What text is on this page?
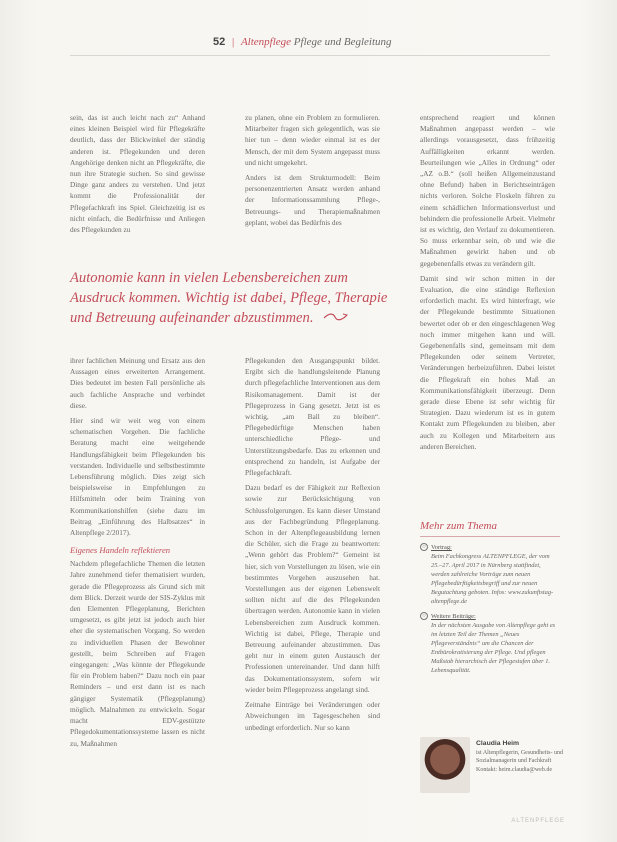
52 | Altenpflege Pflege und Begleitung

sein, das ist auch leicht nach zu“ Anhand eines kleinen Beispiel wird für Pflegekräfte deutlich, dass der Blickwinkel der ständig anderen ist. Pflegekunden und deren Angehörige denken nicht an Pflegekräfte, die nun ihre Strategie suchen. So sind gewisse Dinge ganz anders zu verstehen. Und jetzt kommt die Professionalität der Pflegefachkraft ins Spiel. Gleichzeitig ist es nicht einfach, die Bedürfnisse und Anliegen des Pflegekunden zu

zu planen, ohne ein Problem zu formulieren. Mitarbeiter fragen sich gelegentlich, was sie hier tun – denn wieder einmal ist es der Mensch, der mit dem System angepasst muss und nicht umgekehrt.

Anders ist dem Strukturmodell: Beim personenzentrierten Ansatz werden anhand der Informationssammlung Pflege-, Betreuungs- und Therapiemaßnahmen geplant, wobei das Bedürfnis des

entsprechend reagiert und können Maßnahmen angepasst werden – wie allerdings vorausgesetzt, dass frühzeitig Auffälligkeiten erkannt werden. Beurteilungen wie „Alles in Ordnung“ oder „AZ o.B.“ (soll heißen Allgemeinzustand ohne Befund) haben in Berichtseinträgen nichts verloren. Solche Floskeln führen zu einem schädlichen Informationsverlust und behindern die professionelle Arbeit. Vielmehr ist es wichtig, den Verlauf zu dokumentieren. So muss erkennbar sein, ob und wie die Maßnahmen gewirkt haben und ob gegebenenfalls etwas zu verändern gilt.

Damit sind wir schon mitten in der Evaluation, die eine ständige Reflexion erforderlich macht. Es wird hinterfragt, wie der Pflegekunde bestimmte Situationen bewertet oder ob er den eingeschlagenen Weg noch immer mitgehen kann und will. Gegebenenfalls sind, gemeinsam mit dem Pflegekunden oder seinem Vertreter, Veränderungen herbeizuführen. Dabei leistet die Pflegekraft ein hohes Maß an Kommunikationsfähigkeit überzeugt. Denn gerade diese Ebene ist sehr wichtig für Strategien. Dazu wiederum ist es in gutem Kontakt zum Pflegekunden zu bleiben, aber auch zu Kollegen und Mitarbeitern aus anderen Bereichen.

Autonomie kann in vielen Lebensbereichen zum Ausdruck kommen. Wichtig ist dabei, Pflege, Therapie und Betreuung aufeinander abzustimmen.

ihrer fachlichen Meinung und Ersatz aus den Aussagen eines erweiterten Arrangement. Dies bedeutet im besten Fall persönliche als auch fachliche Ansprache und verbindet diese.

Hier sind wir weit weg von einem schematischen Vorgehen. Die fachliche Beratung macht eine weitgehende Handlungsfähigkeit beim Pflegekunden bis verstanden. Individuelle und selbstbestimmte Lebensführung möglich. Dies zeigt sich beispielsweise in Empfehlungen zu Hilfsmitteln oder beim Training von Kommunikationshilfen (siehe dazu im Beitrag „Einführung des Halbsatzes“ in Altenpflege 2/2017).

Eigenes Handeln reflektieren

Nachdem pflegefachliche Themen die letzten Jahre zunehmend tiefer thematisiert wurden, gerade die Pflegeprozess als Grund sich mit dem Blick. Derzeit wurde der SIS-Zyklus mit den Elementen Pflegeplanung, Berichten umgesetzt, es gibt jetzt ist jedoch auch hier eher die systematischen Vorgang. So werden zu individuellen Phasen der Bewohner gestellt, beim Schreiben auf Fragen eingegangen: „Was könnte der Pflegekunde für ein Problem haben?“ Dazu noch ein paar Reminders – und erst dann ist es nach gängiger Systematik (Pflegeplanung) möglich. Malnahmen zu entwickeln. Sogar macht EDV-gestützte Pflegedokumentationssysteme lassen es nicht zu, Maßnahmen

Pflegekunden den Ausgangspunkt bildet. Ergibt sich die handlungsleitende Planung durch pflegefachliche Interventionen aus dem Risikomanagement. Damit ist der Pflegeprozess in Gang gesetzt. Jetzt ist es wichtig, „am Ball zu bleiben“. Pflegebedürftige Menschen haben unterschiedliche Pflege- und Unterstützungsbedarfe. Das zu erkennen und entsprechend zu handeln, ist Aufgabe der Pflegefachkraft.

Dazu bedarf es der Fähigkeit zur Reflexion sowie zur Berücksichtigung von Schlussfolgerungen. Es kann dieser Umstand aus der Fachbegründung Pflegeplanung. Schon in der Altenpflegeausbildung lernen die Schüler, sich die Frage zu beantworten: „Wenn gehört das Problem?“ Gemeint ist hier, sich von Vorstellungen zu lösen, wie ein bestimmtes Vorgehen auszusehen hat. Vorstellungen aus der eigenen Lebenswelt sollten nicht auf die des Pflegekunden übertragen werden. Autonomie kann in vielen Lebensbereichen zum Ausdruck kommen. Wichtig ist dabei, Pflege, Therapie und Betreuung aufeinander abzustimmen. Das geht nur in einem guten Austausch der Professionen untereinander. Und dann hilft das Dokumentationssystem, sofern wir wieder beim Pflegeprozess angelangt sind.

Zeitnahe Einträge bei Veränderungen oder Abweichungen im Tagesgeschehen sind unbedingt erforderlich. Nur so kann

Mehr zum Thema
○ Vortrag:
Beim Fachkongress ALTENPFLEGE, der vom 25.–27. April 2017 in Nürnberg stattfindet, werden zahlreiche Vorträge zum neuen Pflegebedürftigkeitsbegriff und zur neuen Begutachtung geboten. Infos: www.zukunftstag-altenpflege.de
○ Weitere Beiträge:
In der nächsten Ausgabe von Altenpflege geht es im letzten Teil der Themen „Neues Pflegeverständnis“ um die Chancen der Entbürokratisierung der Pflege. Und pflegen Maßstab hierarchisch der Pflegestufen über 1. Lebensqualität.
Claudia Heim
ist Altenpflegerin, Gesundheits- und Sozialmanagerin und Fachkraft Kontakt: heim.claudia@web.de
ALTENPFLEGE
